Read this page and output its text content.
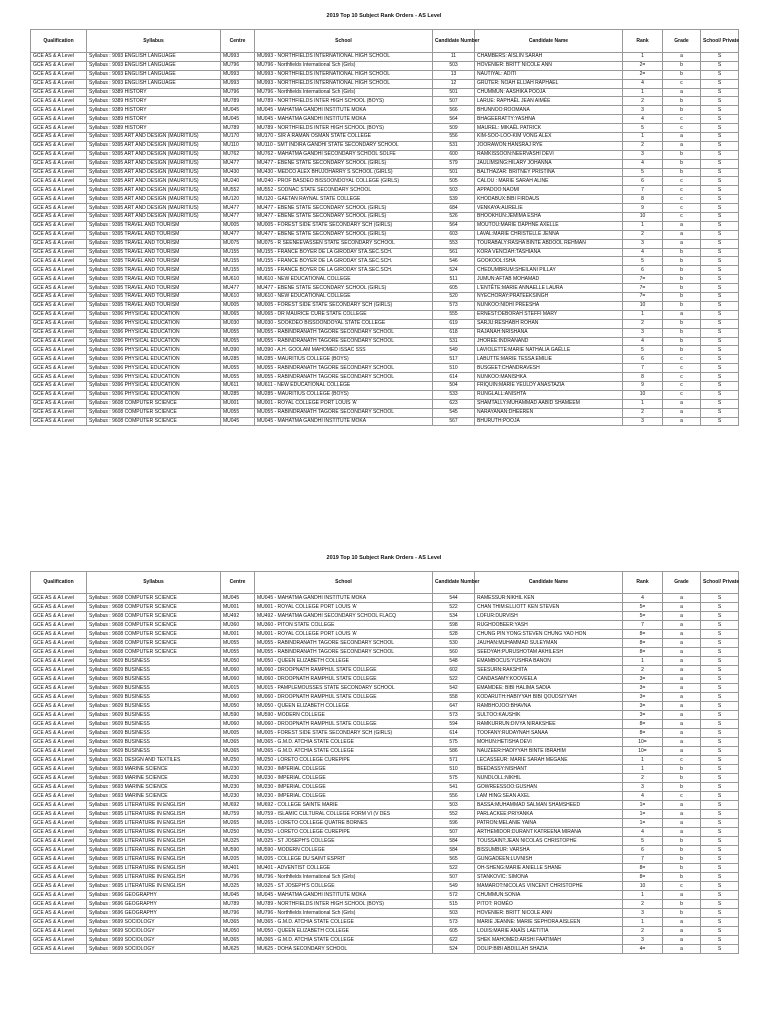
2019 Top 10 Subject Rank Orders - AS Level
Qualification	Syllabus	Centre	School	Candidate Number	Candidate Name	Rank	Grade	School/ Private
GCE AS & A Level	Syllabus : 9093 ENGLISH LANGUAGE	MU993	MU993 - NORTHFIELDS INTERNATIONAL HIGH SCHOOL	11	CHAMBERS: AISLIN SARAH	1	a	S
GCE AS & A Level	Syllabus : 9093 ENGLISH LANGUAGE	MU796	MU796 - Northfields International Sch (Girls)	503	HOVENIER: BRITT NICOLE ANN	2=	b	S
GCE AS & A Level	Syllabus : 9093 ENGLISH LANGUAGE	MU993	MU993 - NORTHFIELDS INTERNATIONAL HIGH SCHOOL	13	NAUTIYAL: ADITI	2=	b	S
GCE AS & A Level	Syllabus : 9093 ENGLISH LANGUAGE	MU993	MU993 - NORTHFIELDS INTERNATIONAL HIGH SCHOOL	12	GRÜTER: NOAH ELIJAH RAPHAEL	4	c	S
GCE AS & A Level	Syllabus : 9389 HISTORY	MU796	MU796 - Northfields International Sch (Girls)	501	CHUMMUN: AASHIKA POOJA	1	a	S
GCE AS & A Level	Syllabus : 9389 HISTORY	MU789	MU789 - NORTHFIELDS INTER HIGH SCHOOL (BOYS)	507	LARUE: RAPHAËL JEAN AIMÉE	2	b	S
GCE AS & A Level	Syllabus : 9389 HISTORY	MU045	MU045 - MAHATMA GANDHI INSTITUTE MOKA	566	BHUNNOO:ROOMANA	3	b	S
GCE AS & A Level	Syllabus : 9389 HISTORY	MU045	MU045 - MAHATMA GANDHI INSTITUTE MOKA	564	BHAGEERATTY:YASHNA	4	c	S
GCE AS & A Level	Syllabus : 9389 HISTORY	MU789	MU789 - NORTHFIELDS INTER HIGH SCHOOL (BOYS)	509	MAUREL: MIKAËL PATRICK	5	c	S
GCE AS & A Level	Syllabus : 9395 ART AND DESIGN (MAURITIUS)	MU170	MU170 - SIR A RAMAN OSMAN STATE COLLEGE	556	KIM-SOO-LOO-KIM VONG ALEX	1	a	S
GCE AS & A Level	Syllabus : 9395 ART AND DESIGN (MAURITIUS)	MU110	MU110 - SMT INDIRA GANDHI STATE SECONDARY SCHOOL	531	JOORAWON:HANSRAJ RYE	2	a	S
GCE AS & A Level	Syllabus : 9395 ART AND DESIGN (MAURITIUS)	MU762	MU762 - MAHATMA GANDHI SECONDARY SCHOOL SOLFE	600	RAMKISSOON:NEERVASHI DEVI	3	b	S
GCE AS & A Level	Syllabus : 9395 ART AND DESIGN (MAURITIUS)	MU477	MU477 - EBENE STATE SECONDARY SCHOOL (GIRLS)	579	JAULIMSING:HILARY JOHANNA	4	b	S
GCE AS & A Level	Syllabus : 9395 ART AND DESIGN (MAURITIUS)	MU430	MU430 - MEDCO ALEX BHUJOHARRY S SCHOOL (GIRLS)	501	BALTHAZAR: BRITNEY PRISTINA	5	b	S
GCE AS & A Level	Syllabus : 9395 ART AND DESIGN (MAURITIUS)	MU240	MU240 - PROF BASDEO BISSOONDOYAL COLLEGE (GIRLS)	505	CALOU : MARIE SARAH ALINE	6	c	S
GCE AS & A Level	Syllabus : 9395 ART AND DESIGN (MAURITIUS)	MU552	MU552 - SODNAC STATE SECONDARY SCHOOL	503	APPADOO:NAOMI	7	c	S
GCE AS & A Level	Syllabus : 9395 ART AND DESIGN (MAURITIUS)	MU120	MU120 - GAETAN RAYNAL STATE COLLEGE	539	KHODABUX:BIBI FIRDAUS	8	c	S
GCE AS & A Level	Syllabus : 9395 ART AND DESIGN (MAURITIUS)	MU477	MU477 - EBENE STATE SECONDARY SCHOOL (GIRLS)	684	VENKAYA:AURELIE	9	c	S
GCE AS & A Level	Syllabus : 9395 ART AND DESIGN (MAURITIUS)	MU477	MU477 - EBENE STATE SECONDARY SCHOOL (GIRLS)	526	BHOOKHUN:JEMIMA ESHA	10	c	S
GCE AS & A Level	Syllabus : 9395 TRAVEL AND TOURISM	MU005	MU005 - FOREST SIDE STATE SECONDARY SCH (GIRLS)	564	MOUTOU:MARIE DAPHNÉ AXELLE	1	a	S
GCE AS & A Level	Syllabus : 9395 TRAVEL AND TOURISM	MU477	MU477 - EBENE STATE SECONDARY SCHOOL (GIRLS)	603	LAVAL:MARIE CHRISTELLE JENNA	2	a	S
GCE AS & A Level	Syllabus : 9395 TRAVEL AND TOURISM	MU075	MU075 - R SEENEEVASSEN STATE SECONDARY SCHOOL	553	TOURABALY:RASHA BINTE ABDOOL REHMAN	3	a	S
GCE AS & A Level	Syllabus : 9395 TRAVEL AND TOURISM	MU155	MU155 - FRANCE BOYER DE LA GIRODAY STA.SEC.SCH.	561	KORA VENCIAH:TASHIANA	4	b	S
GCE AS & A Level	Syllabus : 9395 TRAVEL AND TOURISM	MU155	MU155 - FRANCE BOYER DE LA GIRODAY STA.SEC.SCH.	546	GOOKOOL:ISHA	5	b	S
GCE AS & A Level	Syllabus : 9395 TRAVEL AND TOURISM	MU155	MU155 - FRANCE BOYER DE LA GIRODAY STA.SEC.SCH.	524	CHEDUMBRUM:SHEILANI PILLAY	6	b	S
GCE AS & A Level	Syllabus : 9395 TRAVEL AND TOURISM	MU610	MU610 - NEW EDUCATIONAL COLLEGE	511	JUMUN:AFTAB MOHAMAD	7=	b	S
GCE AS & A Level	Syllabus : 9395 TRAVEL AND TOURISM	MU477	MU477 - EBENE STATE SECONDARY SCHOOL (GIRLS)	605	L'ENTÊTE:MARIE ANNAELLE LAURA	7=	b	S
GCE AS & A Level	Syllabus : 9395 TRAVEL AND TOURISM	MU610	MU610 - NEW EDUCATIONAL COLLEGE	520	NYECHORAY:PRATEEKSINGH	7=	b	S
GCE AS & A Level	Syllabus : 9395 TRAVEL AND TOURISM	MU005	MU005 - FOREST SIDE STATE SECONDARY SCH (GIRLS)	573	NUNKOO:NIDHI PREESHA	10	b	S
GCE AS & A Level	Syllabus : 9396 PHYSICAL EDUCATION	MU065	MU065 - DR MAURICE CURE STATE COLLEGE	555	ERNEST:DEBORAH STEFFI MARY	1	a	S
GCE AS & A Level	Syllabus : 9396 PHYSICAL EDUCATION	MU030	MU030 - SOOKDEO BISSOONDOYAL STATE COLLEGE	619	SARJU:RESHABH ROHAN	2	b	S
GCE AS & A Level	Syllabus : 9396 PHYSICAL EDUCATION	MU055	MU055 - RABINDRANATH TAGORE SECONDARY SCHOOL	618	RAJANAH:NRISHANA	3	b	S
GCE AS & A Level	Syllabus : 9396 PHYSICAL EDUCATION	MU055	MU055 - RABINDRANATH TAGORE SECONDARY SCHOOL	531	JHOREE:INDRANAND	4	b	S
GCE AS & A Level	Syllabus : 9396 PHYSICAL EDUCATION	MU390	MU390 - A.H. GOOLAM MAHOMED ISSAC SSS	549	LAVIOLETTE:MARIE NATHALIA GAËLLE	5	b	S
GCE AS & A Level	Syllabus : 9396 PHYSICAL EDUCATION	MU285	MU285 - MAURITIUS COLLEGE (BOYS)	517	LABUTTE:MARIE TESSA EMILIE	6	c	S
GCE AS & A Level	Syllabus : 9396 PHYSICAL EDUCATION	MU055	MU055 - RABINDRANATH TAGORE SECONDARY SCHOOL	510	BUSGEET:CHANDRAVESH	7	c	S
GCE AS & A Level	Syllabus : 9396 PHYSICAL EDUCATION	MU055	MU055 - RABINDRANATH TAGORE SECONDARY SCHOOL	614	NUNKOO:MANISHKA	8	c	S
GCE AS & A Level	Syllabus : 9396 PHYSICAL EDUCATION	MU611	MU611 - NEW EDUCATIONAL COLLEGE	504	FRIQUIN:MARIE YEULDY ANASTAZIA	9	c	S
GCE AS & A Level	Syllabus : 9396 PHYSICAL EDUCATION	MU285	MU285 - MAURITIUS COLLEGE (BOYS)	533	RUNGLALL:ANISHTA	10	c	S
GCE AS & A Level	Syllabus : 9608 COMPUTER SCIENCE	MU001	MU001 - ROYAL COLLEGE PORT LOUIS 'A'	623	SHAMTALLY:MUHAMMAD AABID SHAMEEM	1	a	S
GCE AS & A Level	Syllabus : 9608 COMPUTER SCIENCE	MU055	MU055 - RABINDRANATH TAGORE SECONDARY SCHOOL	545	NARAYANAN:DHEEREN	2	a	S
GCE AS & A Level	Syllabus : 9608 COMPUTER SCIENCE	MU045	MU045 - MAHATMA GANDHI INSTITUTE MOKA	567	BHURUTH:POOJA	3	a	S
2019 Top 10 Subject Rank Orders - AS Level
Qualification	Syllabus	Centre	School	Candidate Number	Candidate Name	Rank	Grade	School/ Private
GCE AS & A Level	Syllabus : 9608 COMPUTER SCIENCE	MU045	MU045 - MAHATMA GANDHI INSTITUTE MOKA	544	RAMESSUR:NIKHIL KEN	4	a	S
GCE AS & A Level	Syllabus : 9608 COMPUTER SCIENCE	MU001	MU001 - ROYAL COLLEGE PORT LOUIS 'A'	522	CHAN THIM:ELLIOTT KEN STEVEN	5=	a	S
GCE AS & A Level	Syllabus : 9608 COMPUTER SCIENCE	MU492	MU492 - MAHATMA GANDHI SECONDARY SCHOOL FLACQ	534	LOFUR:DURVISH	5=	a	S
GCE AS & A Level	Syllabus : 9608 COMPUTER SCIENCE	MU360	MU360 - PITON STATE COLLEGE	598	RUGHOOBEER:YASH	7	a	S
GCE AS & A Level	Syllabus : 9608 COMPUTER SCIENCE	MU001	MU001 - ROYAL COLLEGE PORT LOUIS 'A'	528	CHUNG PIN YONG:STEVEN CHUNG YAO HON	8=	a	S
GCE AS & A Level	Syllabus : 9608 COMPUTER SCIENCE	MU055	MU055 - RABINDRANATH TAGORE SECONDARY SCHOOL	530	JAUHAN:MUHAMMAD SULEYMAN	8=	a	S
GCE AS & A Level	Syllabus : 9608 COMPUTER SCIENCE	MU055	MU055 - RABINDRANATH TAGORE SECONDARY SCHOOL	560	SEEDYAH:PURUSHOTAM AKHILESH	8=	a	S
GCE AS & A Level	Syllabus : 9609 BUSINESS	MU050	MU050 - QUEEN ELIZABETH COLLEGE	548	EMAMBOCUS:YUSHRA BANON	1	a	S
GCE AS & A Level	Syllabus : 9609 BUSINESS	MU060	MU060 - DROOPNATH RAMPHUL STATE COLLEGE	602	SEESURN:RAKSHITA	2	a	S
GCE AS & A Level	Syllabus : 9609 BUSINESS	MU060	MU060 - DROOPNATH RAMPHUL STATE COLLEGE	522	CANDASAMY:KOOVEELA	3=	a	S
GCE AS & A Level	Syllabus : 9609 BUSINESS	MU015	MU015 - PAMPLEMOUSSES STATE SECONDARY SCHOOL	542	EMAMDEE: BIBI HALIMA SADIA	3=	a	S
GCE AS & A Level	Syllabus : 9609 BUSINESS	MU060	MU060 - DROOPNATH RAMPHUL STATE COLLEGE	558	KODARUTH:HABIYYAH BIBI QOUDSIYYAH	3=	a	S
GCE AS & A Level	Syllabus : 9609 BUSINESS	MU050	MU050 - QUEEN ELIZABETH COLLEGE	647	RAMBHOJOO:BHAVNA	3=	a	S
GCE AS & A Level	Syllabus : 9609 BUSINESS	MU590	MU590 - MODERN COLLEGE	573	SULTOO:KAUSHIK	3=	a	S
GCE AS & A Level	Syllabus : 9609 BUSINESS	MU060	MU060 - DROOPNATH RAMPHUL STATE COLLEGE	594	RAMKURRUN:DIVYA NIRAKSHEE	8=	a	S
GCE AS & A Level	Syllabus : 9609 BUSINESS	MU005	MU005 - FOREST SIDE STATE SECONDARY SCH (GIRLS)	614	TOOFANY:RUDAYNAH SANAA	8=	a	S
GCE AS & A Level	Syllabus : 9609 BUSINESS	MU365	MU365 - G.M.D. ATCHIA STATE COLLEGE	575	MOHUN:HETISHA DEVI	10=	a	S
GCE AS & A Level	Syllabus : 9609 BUSINESS	MU365	MU365 - G.M.D. ATCHIA STATE COLLEGE	586	NAUZEER:HADIYYAH BINTE IBRAHIM	10=	a	S
GCE AS & A Level	Syllabus : 9631 DESIGN AND TEXTILES	MU250	MU250 - LORETO COLLEGE CUREPIPE	571	LECASSEUR: MARIE SARAH MEGANE	1	c	S
GCE AS & A Level	Syllabus : 9693 MARINE SCIENCE	MU230	MU230 - IMPERIAL COLLEGE	510	BEEDASSY:NISHANT	1	b	S
GCE AS & A Level	Syllabus : 9693 MARINE SCIENCE	MU230	MU230 - IMPERIAL COLLEGE	575	NUNDLOLL:NIKHIL	2	b	S
GCE AS & A Level	Syllabus : 9693 MARINE SCIENCE	MU230	MU230 - IMPERIAL COLLEGE	541	GOWREESSOO:GUSHAN	3	b	S
GCE AS & A Level	Syllabus : 9693 MARINE SCIENCE	MU230	MU230 - IMPERIAL COLLEGE	556	LAM HING:SEAN AXEL	4	c	S
GCE AS & A Level	Syllabus : 9695 LITERATURE IN ENGLISH	MU692	MU692 - COLLEGE SAINTE MARIE	503	BASSA:MUHAMMAD SALMAN SHAMSHEED	1=	a	S
GCE AS & A Level	Syllabus : 9695 LITERATURE IN ENGLISH	MU759	MU759 - ISLAMIC CULTURAL COLLEGE FORM VI (V DES	552	PARLACKEE:PRIYANKA	1=	a	S
GCE AS & A Level	Syllabus : 9695 LITERATURE IN ENGLISH	MU265	MU265 - LORETO COLLEGE QUATRE BORNES	596	PATRON:MELANIE YAINA	1=	a	S
GCE AS & A Level	Syllabus : 9695 LITERATURE IN ENGLISH	MU250	MU250 - LORETO COLLEGE CUREPIPE	507	ARTHEMIDOR:DURANT KATREENA MIRANA	4	a	S
GCE AS & A Level	Syllabus : 9695 LITERATURE IN ENGLISH	MU325	MU325 - ST JOSEPH'S COLLEGE	584	TOUSSAINT:JEAN NICOLAS CHRISTOPHE	5	b	S
GCE AS & A Level	Syllabus : 9695 LITERATURE IN ENGLISH	MU590	MU590 - MODERN COLLEGE	584	BISSUMBUR: VARSHA	6	b	S
GCE AS & A Level	Syllabus : 9695 LITERATURE IN ENGLISH	MU205	MU205 - COLLEGE DU SAINT ESPRIT	565	GUNGADEEN:LUVNISH	7	b	S
GCE AS & A Level	Syllabus : 9695 LITERATURE IN ENGLISH	MU401	MU401 - ADVENTIST COLLEGE	522	OH-SHENG:MARIE ANIELLE SHANE	8=	b	S
GCE AS & A Level	Syllabus : 9695 LITERATURE IN ENGLISH	MU796	MU796 - Northfields International Sch (Girls)	507	STANKOVIC: SIMONA	8=	b	S
GCE AS & A Level	Syllabus : 9695 LITERATURE IN ENGLISH	MU325	MU325 - ST JOSEPH'S COLLEGE	549	MAMAROT:NICOLAS VINCENT CHRISTOPHE	10	c	S
GCE AS & A Level	Syllabus : 9696 GEOGRAPHY	MU045	MU045 - MAHATMA GANDHI INSTITUTE MOKA	572	CHUMMUN:SONIA	1	a	S
GCE AS & A Level	Syllabus : 9696 GEOGRAPHY	MU789	MU789 - NORTHFIELDS INTER HIGH SCHOOL (BOYS)	515	PITOT: ROMÉO	2	b	S
GCE AS & A Level	Syllabus : 9696 GEOGRAPHY	MU796	MU796 - Northfields International Sch (Girls)	503	HOVENIER: BRITT NICOLE ANN	3	b	S
GCE AS & A Level	Syllabus : 9699 SOCIOLOGY	MU365	MU365 - G.M.D. ATCHIA STATE COLLEGE	573	MARIE JEANNE: MARIE SEPHORA AISLEEN	1	a	S
GCE AS & A Level	Syllabus : 9699 SOCIOLOGY	MU050	MU050 - QUEEN ELIZABETH COLLEGE	605	LOUIS:MARIE ANAÏS LAETITIA	2	a	S
GCE AS & A Level	Syllabus : 9699 SOCIOLOGY	MU365	MU365 - G.M.D. ATCHIA STATE COLLEGE	622	SHEK MAHOMED:ARSHI FAATIMAH	3	a	S
GCE AS & A Level	Syllabus : 9699 SOCIOLOGY	MU625	MU625 - DOHA SECONDARY SCHOOL	524	DOLIP:BIBI ABDILLAH SHAZIA	4=	a	S
